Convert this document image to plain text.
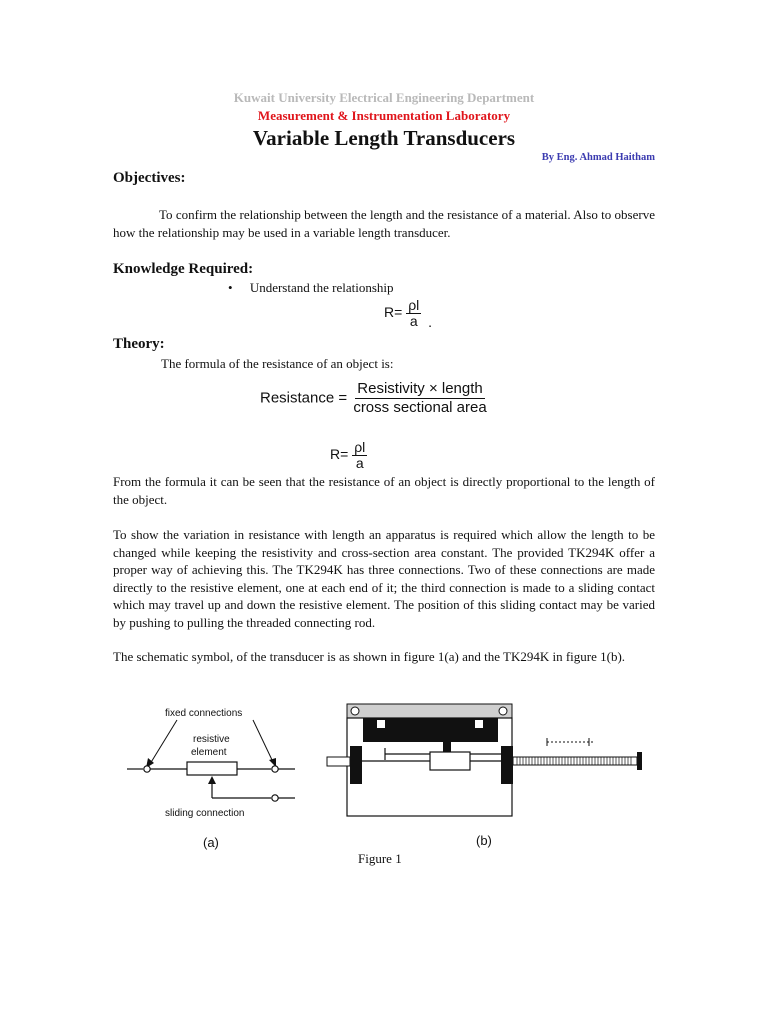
Kuwait University Electrical Engineering Department
Measurement & Instrumentation Laboratory
Variable Length Transducers
By Eng. Ahmad Haitham
Objectives:
To confirm the relationship between the length and the resistance of a material. Also to observe how the relationship may be used in a variable length transducer.
Knowledge Required:
• Understand the relationship
$R= \frac{\rho l}{a}$ .
Theory:
The formula of the resistance of an object is:
Resistance = $\frac{\text{Resistivity × length}}{\text{cross sectional area}}$
$R= \frac{\rho l}{a}$
From the formula it can be seen that the resistance of an object is directly proportional to the length of the object.
To show the variation in resistance with length an apparatus is required which allow the length to be changed while keeping the resistivity and cross-section area constant. The provided TK294K offer a proper way of achieving this. The TK294K has three connections. Two of these connections are made directly to the resistive element, one at each end of it; the third connection is made to a sliding contact which may travel up and down the resistive element. The position of this sliding contact may be varied by pushing to pulling the threaded connecting rod.
The schematic symbol, of the transducer is as shown in figure 1(a) and the TK294K in figure 1(b).
fixed connections
resistive
element
sliding connection
(a)	(b)
Figure 1
